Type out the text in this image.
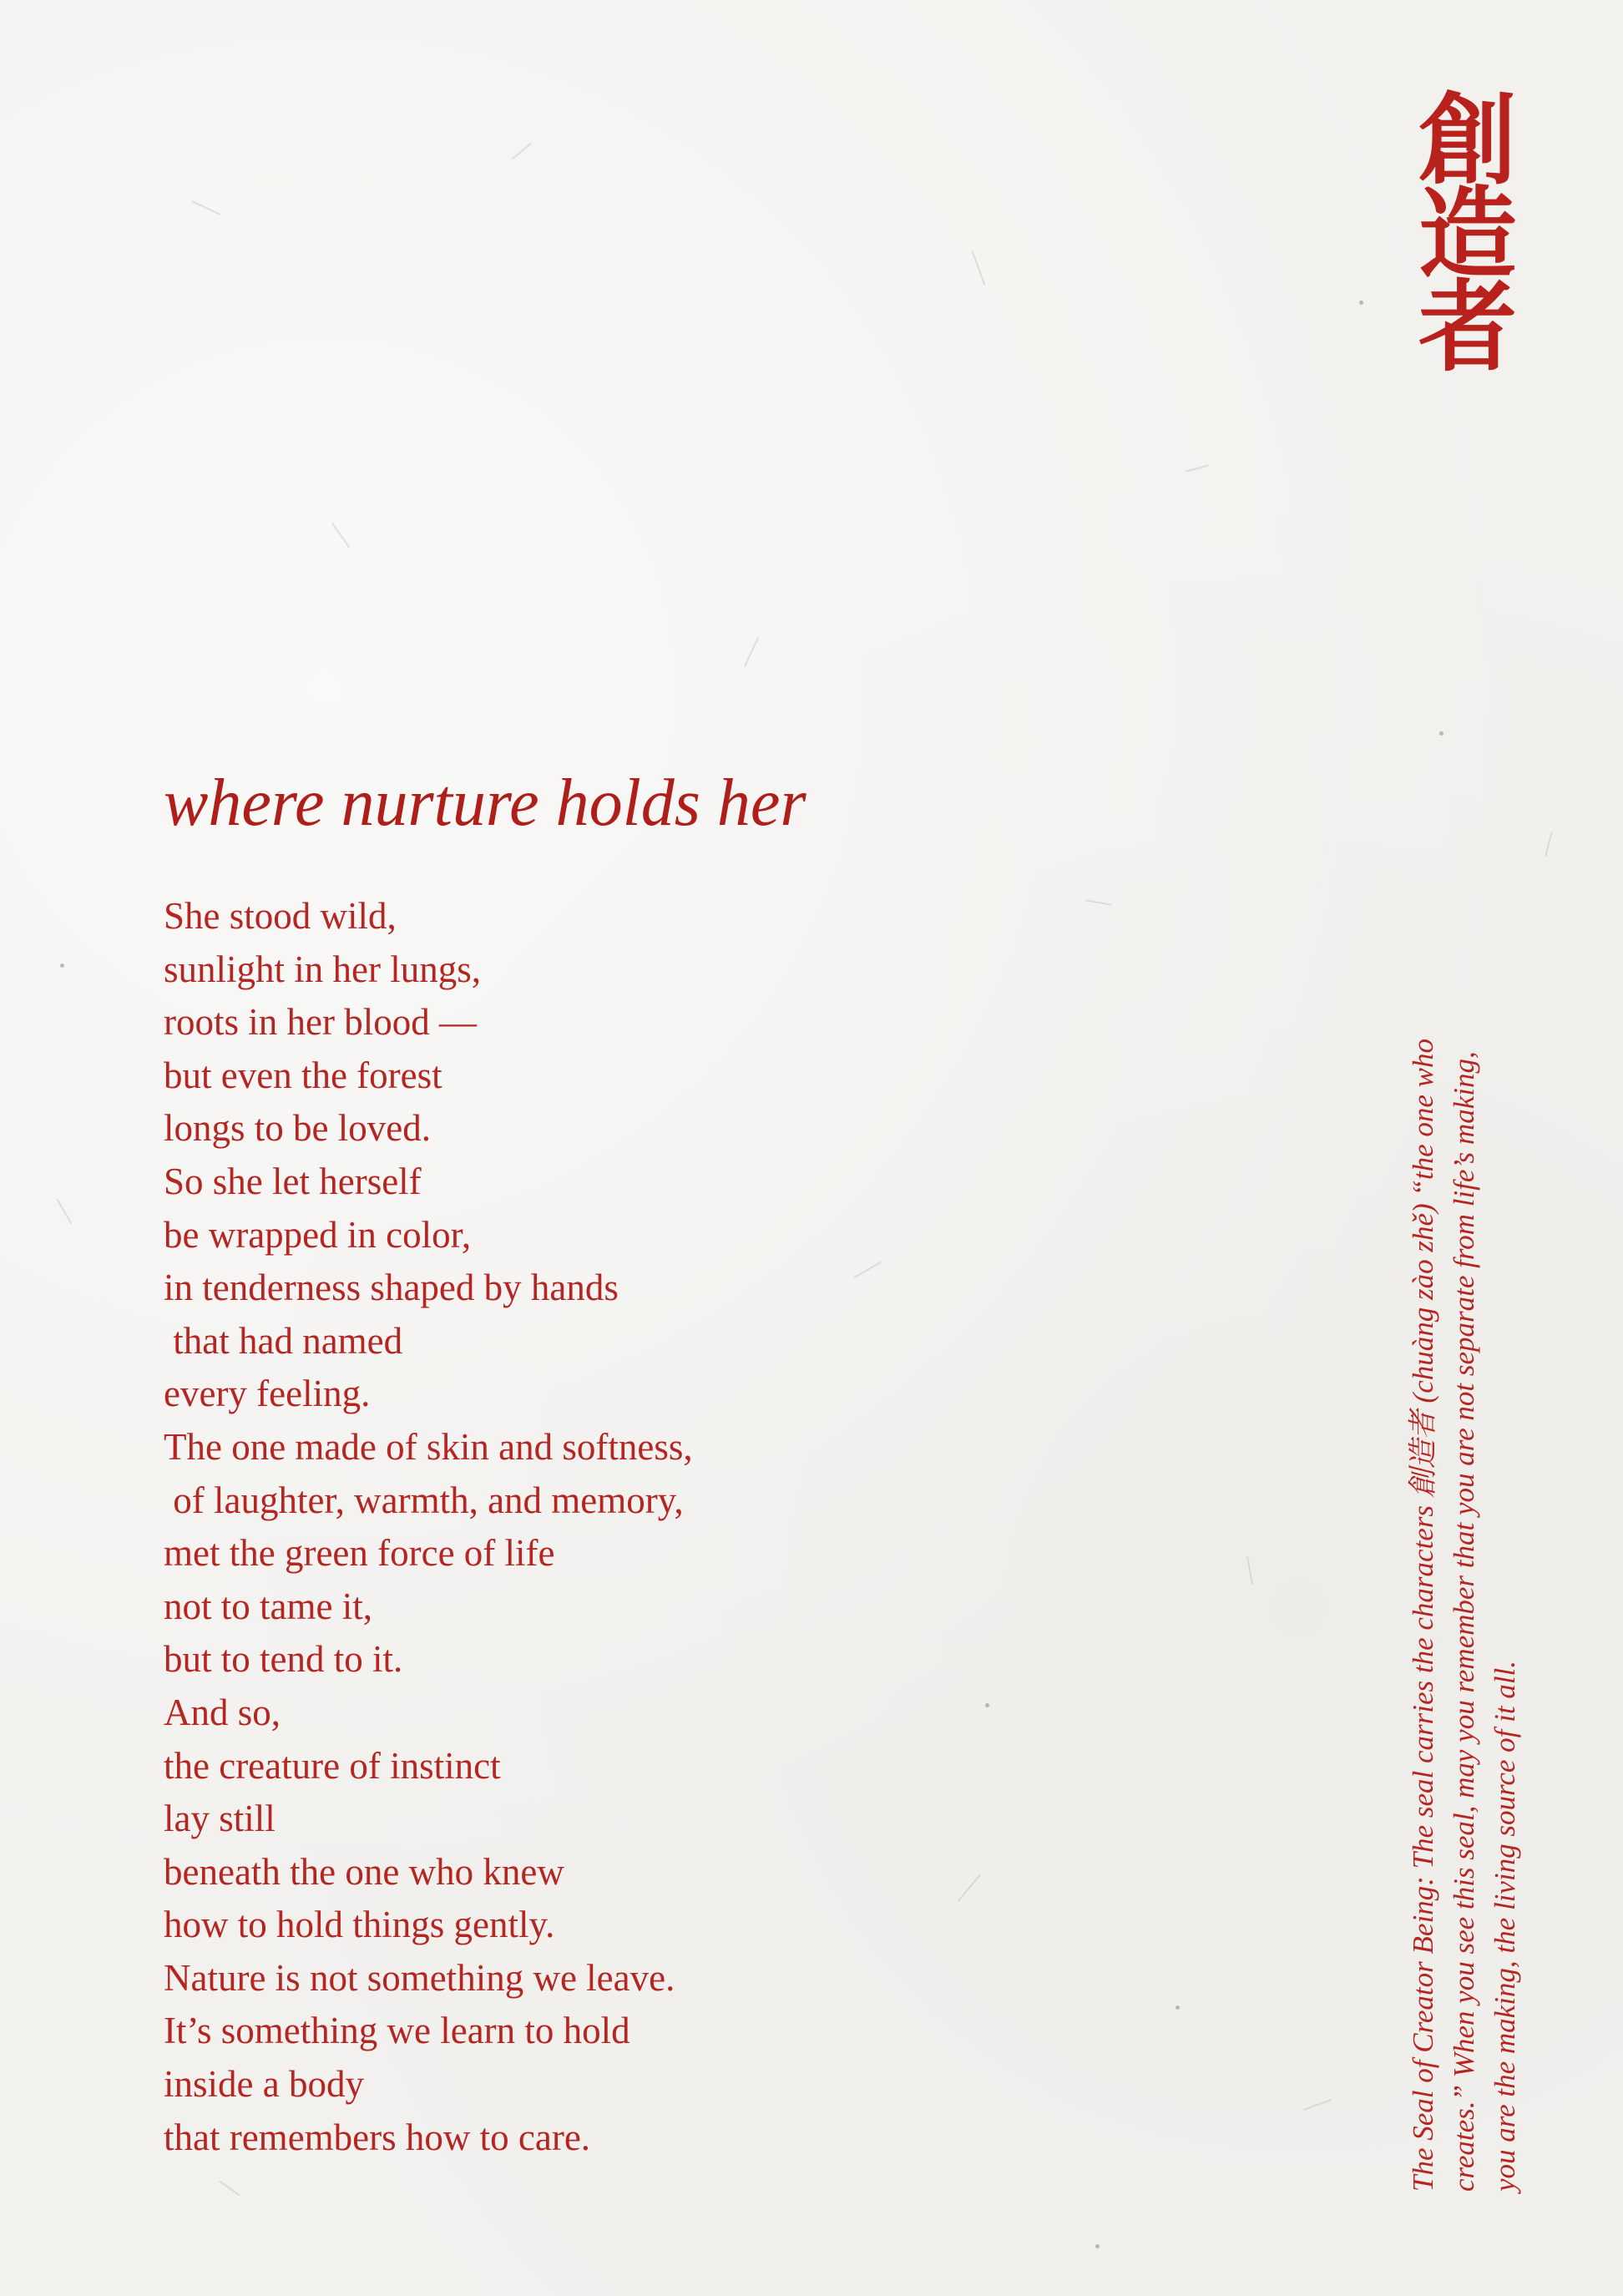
創造者
where nurture holds her
She stood wild,
sunlight in her lungs,
roots in her blood —
but even the forest
longs to be loved.
So she let herself
be wrapped in color,
in tenderness shaped by hands
that had named
every feeling.
The one made of skin and softness,
of laughter, warmth, and memory,
met the green force of life
not to tame it,
but to tend to it.
And so,
the creature of instinct
lay still
beneath the one who knew
how to hold things gently.
Nature is not something we leave.
It’s something we learn to hold
inside a body
that remembers how to care.	The Seal of Creator Being: The seal carries the characters 創造者 (chuàng zào zhě) “the one who creates.” When you see this seal, may you remember that you are not separate from life’s making, you are the making, the living source of it all.
